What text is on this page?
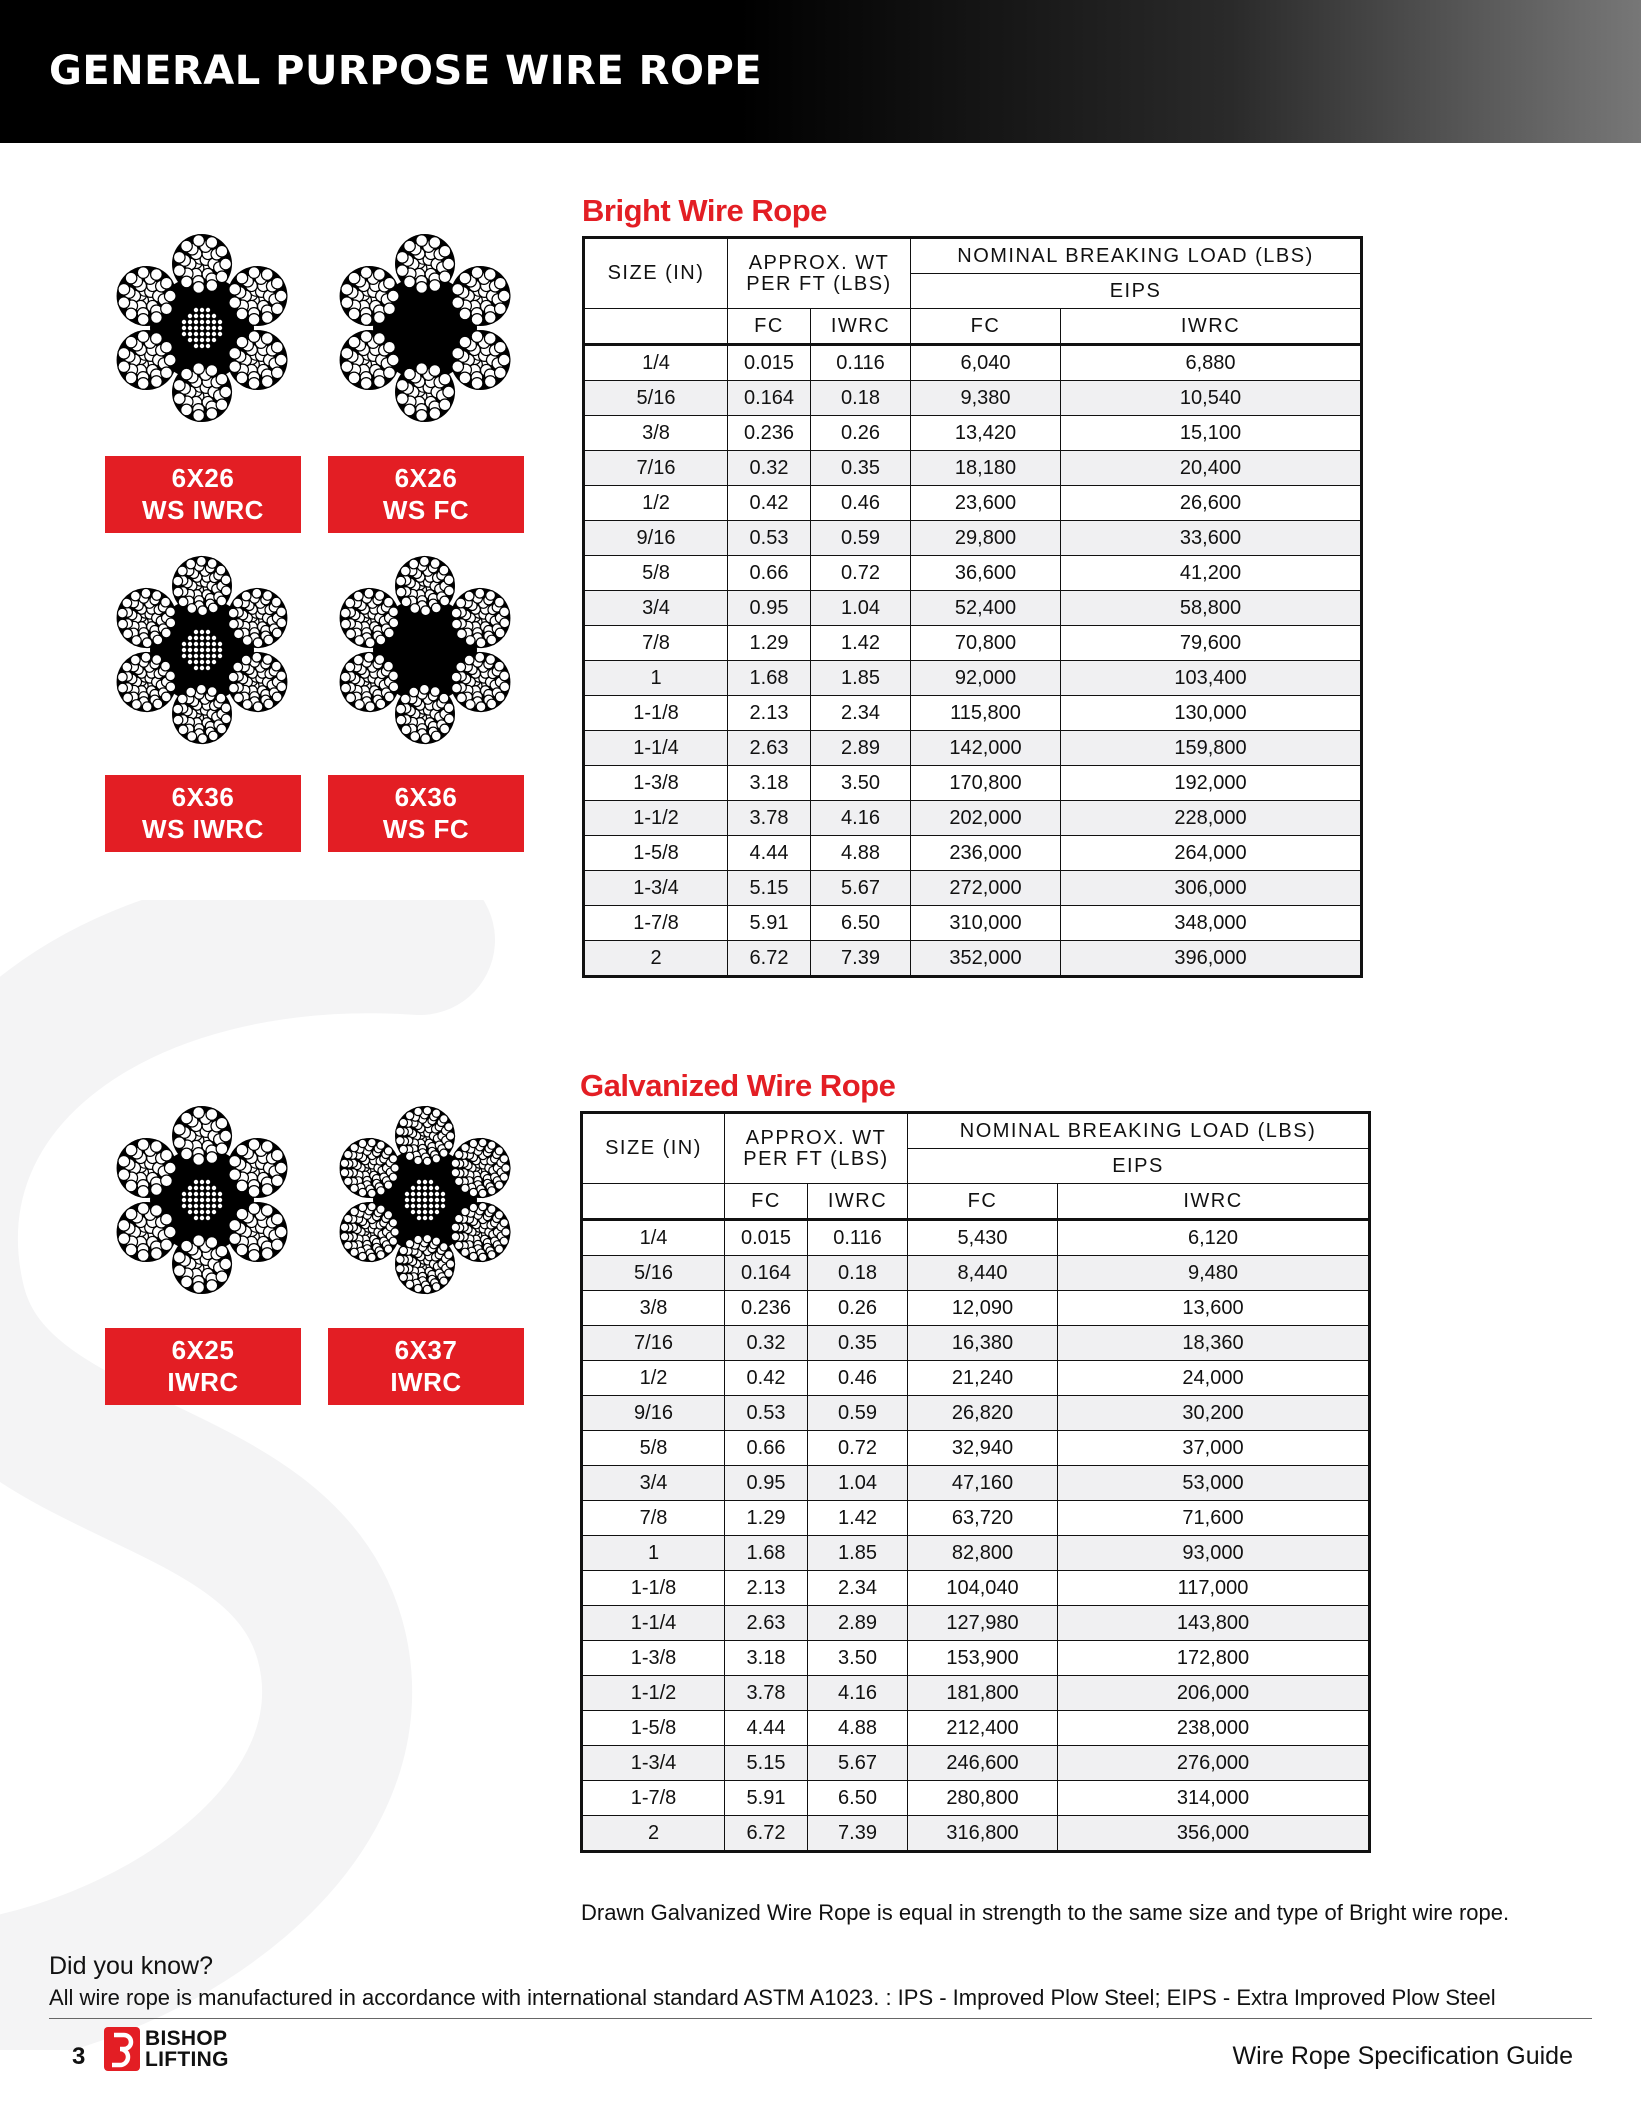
GENERAL PURPOSE WIRE ROPE
6X26
WS IWRC
6X26
WS FC
6X36
WS IWRC
6X36
WS FC
6X25
IWRC
6X37
IWRC
Bright Wire Rope
SIZE (IN)	APPROX. WT PER FT (LBS)		NOMINAL BREAKING LOAD (LBS)	
			EIPS	
	FC	IWRC	FC	IWRC
1/4	0.015	0.116	6,040	6,880
5/16	0.164	0.18	9,380	10,540
3/8	0.236	0.26	13,420	15,100
7/16	0.32	0.35	18,180	20,400
1/2	0.42	0.46	23,600	26,600
9/16	0.53	0.59	29,800	33,600
5/8	0.66	0.72	36,600	41,200
3/4	0.95	1.04	52,400	58,800
7/8	1.29	1.42	70,800	79,600
1	1.68	1.85	92,000	103,400
1-1/8	2.13	2.34	115,800	130,000
1-1/4	2.63	2.89	142,000	159,800
1-3/8	3.18	3.50	170,800	192,000
1-1/2	3.78	4.16	202,000	228,000
1-5/8	4.44	4.88	236,000	264,000
1-3/4	5.15	5.67	272,000	306,000
1-7/8	5.91	6.50	310,000	348,000
2	6.72	7.39	352,000	396,000
Galvanized Wire Rope
SIZE (IN)	APPROX. WT PER FT (LBS)		NOMINAL BREAKING LOAD (LBS)	
			EIPS	
	FC	IWRC	FC	IWRC
1/4	0.015	0.116	5,430	6,120
5/16	0.164	0.18	8,440	9,480
3/8	0.236	0.26	12,090	13,600
7/16	0.32	0.35	16,380	18,360
1/2	0.42	0.46	21,240	24,000
9/16	0.53	0.59	26,820	30,200
5/8	0.66	0.72	32,940	37,000
3/4	0.95	1.04	47,160	53,000
7/8	1.29	1.42	63,720	71,600
1	1.68	1.85	82,800	93,000
1-1/8	2.13	2.34	104,040	117,000
1-1/4	2.63	2.89	127,980	143,800
1-3/8	3.18	3.50	153,900	172,800
1-1/2	3.78	4.16	181,800	206,000
1-5/8	4.44	4.88	212,400	238,000
1-3/4	5.15	5.67	246,600	276,000
1-7/8	5.91	6.50	280,800	314,000
2	6.72	7.39	316,800	356,000

Drawn Galvanized Wire Rope is equal in strength to the same size and type of Bright wire rope.

Did you know?

All wire rope is manufactured in accordance with international standard ASTM A1023. : IPS - Improved Plow Steel; EIPS - Extra Improved Plow Steel

3
BISHOP
LIFTING	Wire Rope Specification Guide
